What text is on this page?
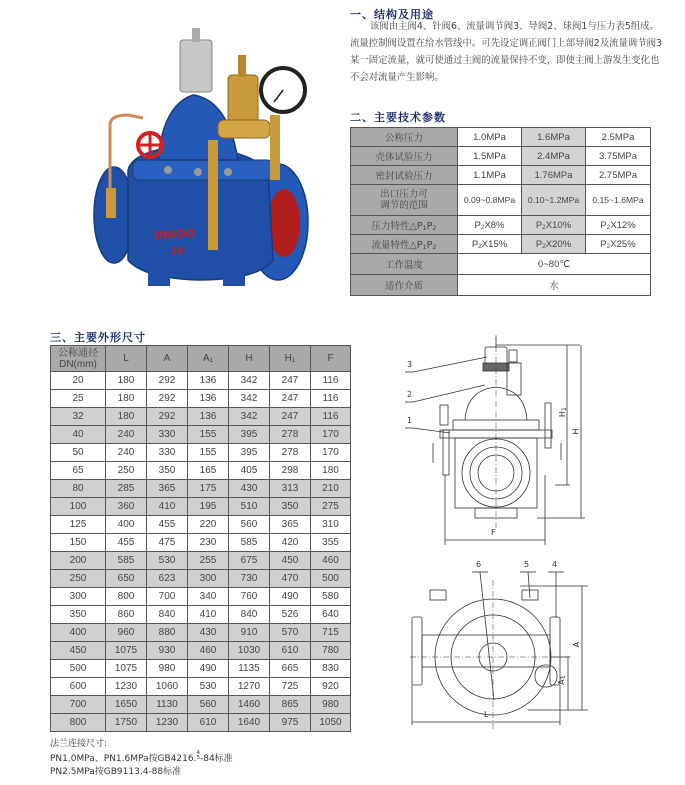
UNIOO
16
一、结构及用途
该阀由主阀4、针阀6、流量调节阀3、导阀2、球阀1与压力表5组成。流量控制阀设置在给水管线中。可先设定调正阀门上部导阀2及流量调节阀3某一固定流量，就可使通过主阀的流量保持不变，即使主阀上游发生变化也不会对流量产生影响。
二、主要技术参数
公称压力	1.0MPa	1.6MPa	2.5MPa
壳体试验压力	1.5MPa	2.4MPa	3.75MPa
密封试验压力	1.1MPa	1.76MPa	2.75MPa
出口压力可
调节的范围	0.09~0.8MPa	0.10~1.2MPa	0.15~1.6MPa
压力特性$\triangle P_1P_2$	$P_2X8\%$	$P_2X10\%$	$P_2X12\%$
流量特性$\triangle P_1P_2$	$P_2X15\%$	$P_2X20\%$	$P_2X25\%$
工作温度	0~80℃		
适作介质	水		
三、主要外形尺寸
公称通径
DN(mm)	L	A	$A_1$	H	$H_1$	F
20	180	292	136	342	247	116
25	180	292	136	342	247	116
32	180	292	136	342	247	116
40	240	330	155	395	278	170
50	240	330	155	395	278	170
65	250	350	165	405	298	180
80	285	365	175	430	313	210
100	360	410	195	510	350	275
125	400	455	220	560	365	310
150	455	475	230	585	420	355
200	585	530	255	675	450	460
250	650	623	300	730	470	500
300	800	700	340	760	490	580
350	860	840	410	840	526	640
400	960	880	430	910	570	715
450	1075	930	460	1030	610	780
500	1075	980	490	1135	665	830
600	1230	1060	530	1270	725	920
700	1650	1130	560	1460	865	980
800	1750	1230	610	1640	975	1050
法兰连接尺寸:
PN1.0MPa、PN1.6MPa按GB4216.4
5-84标准
PN2.5MPa按GB9113.4-88标准
3
2
1
$H_1$
H
F
6	5	4
A
$A_1$
L
